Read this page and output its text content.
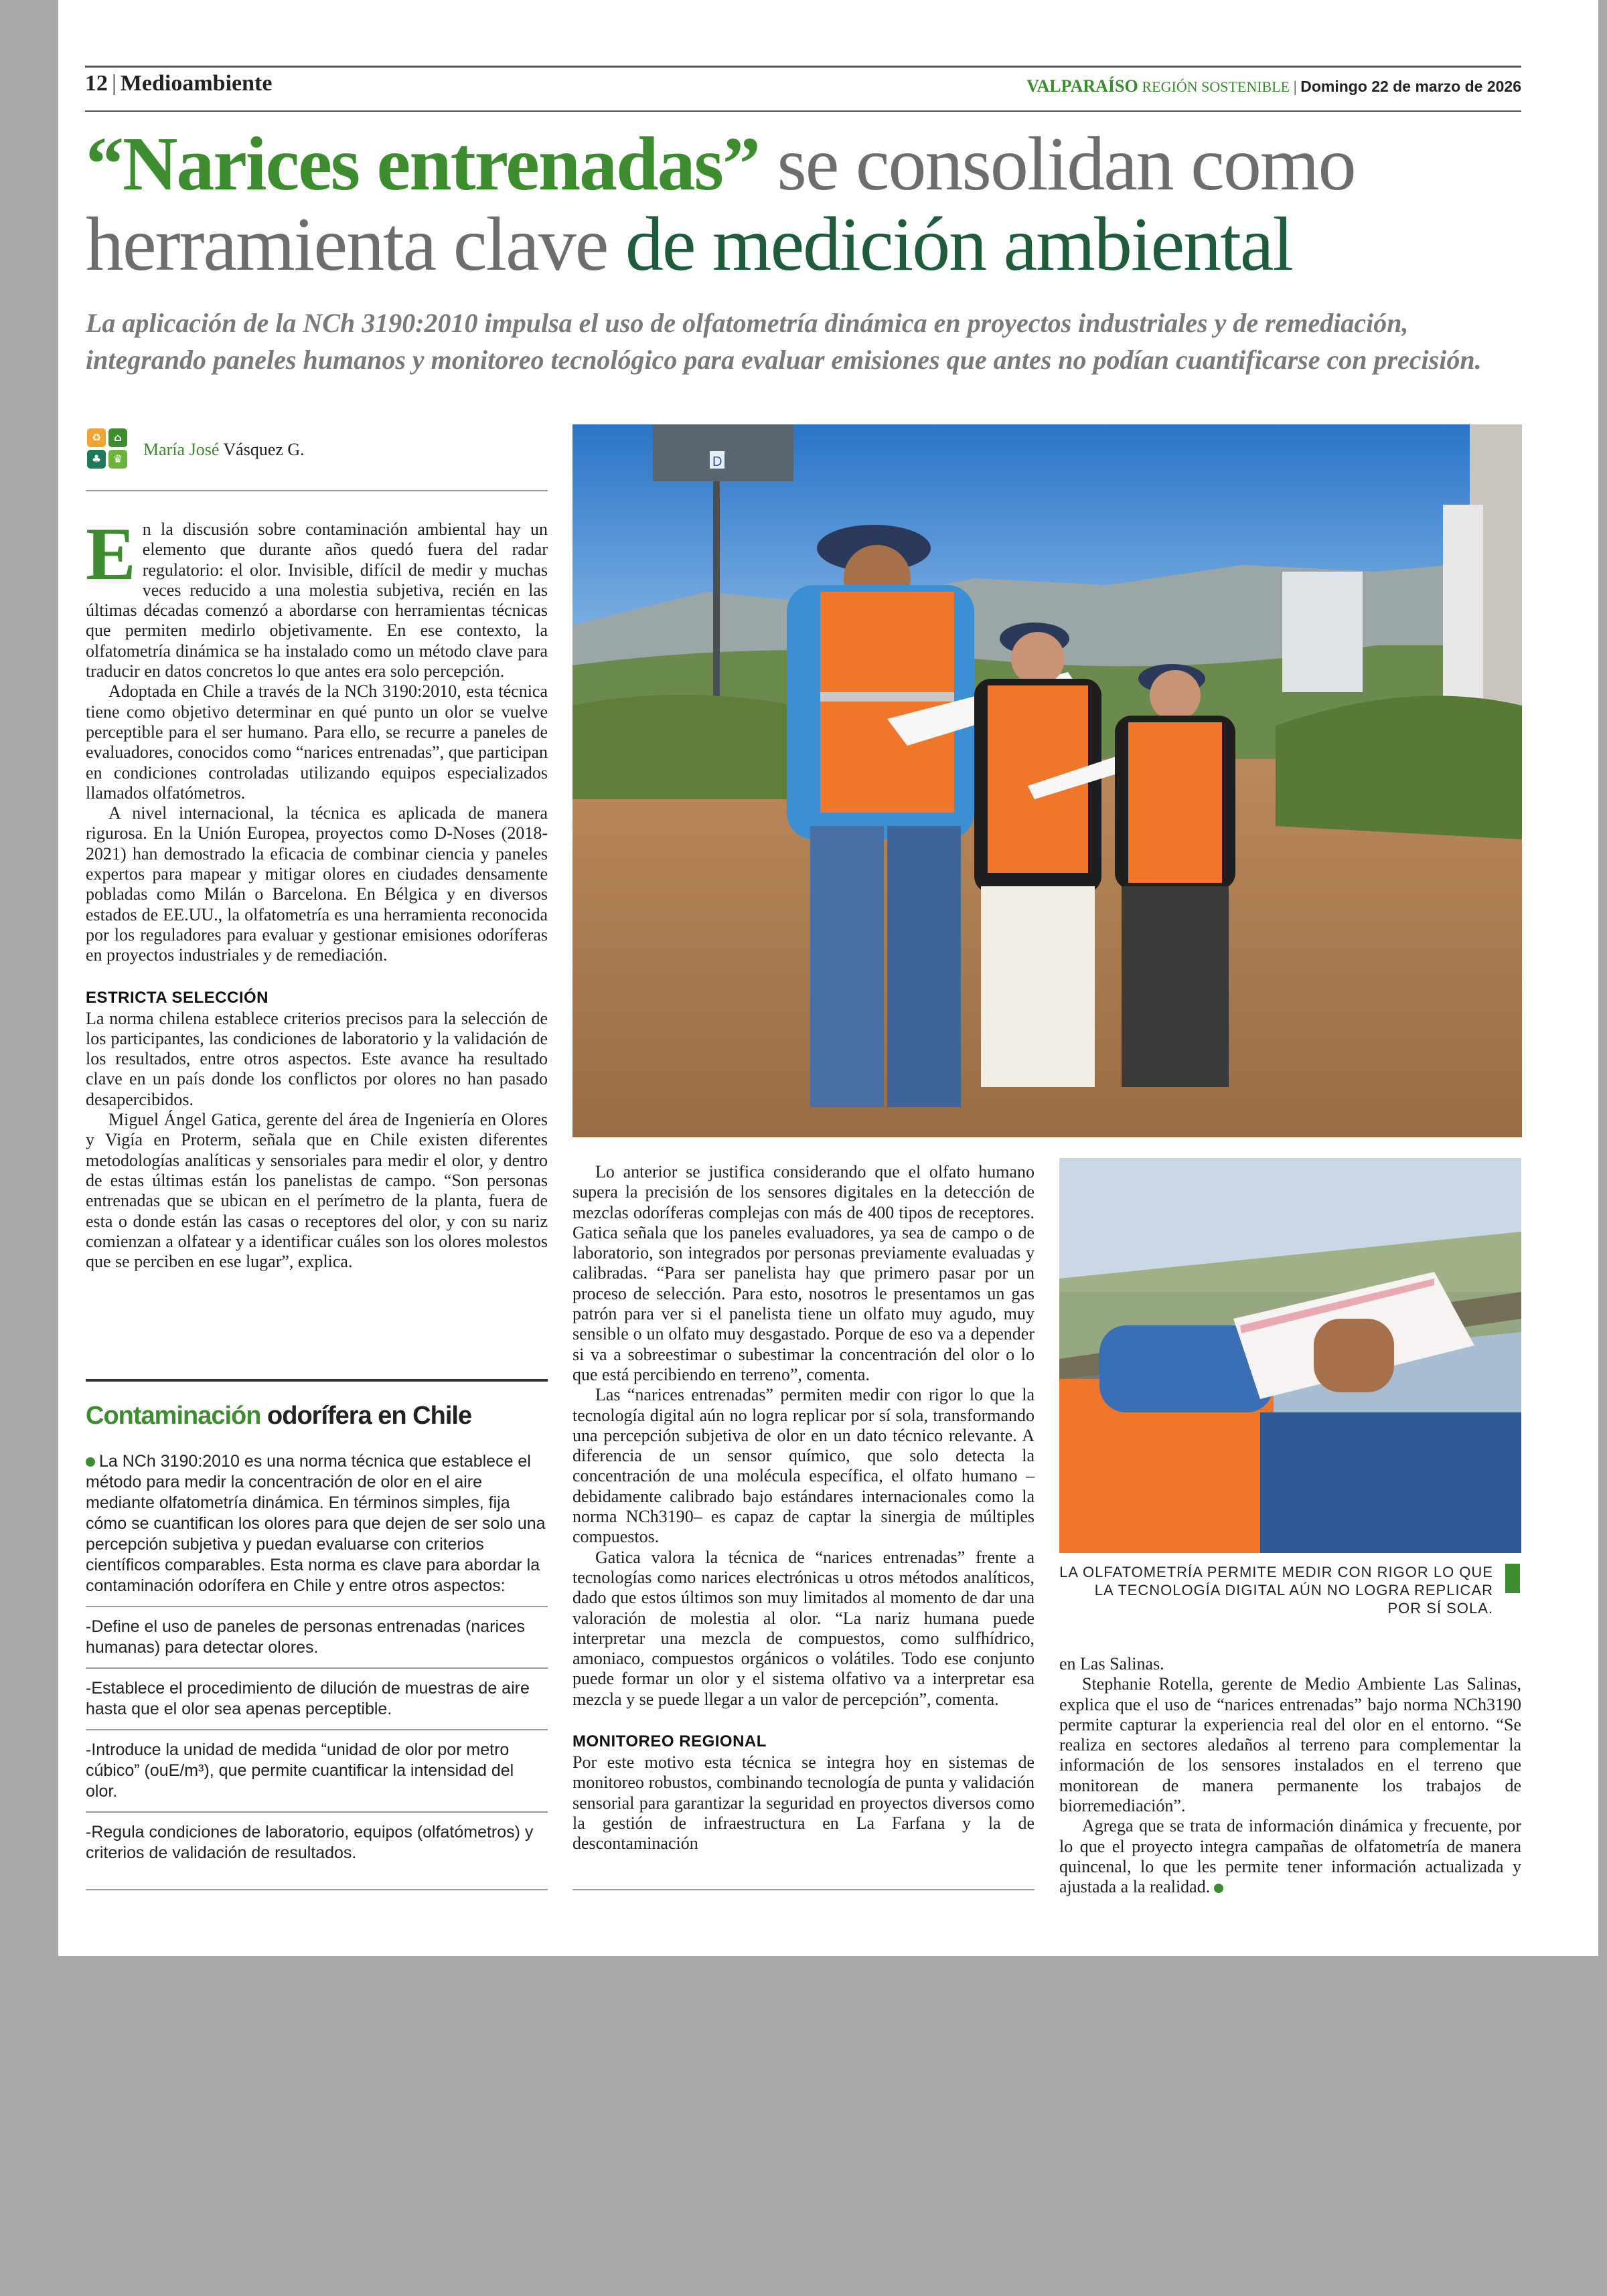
12 | Medioambiente	VALPARAÍSO REGIÓN SOSTENIBLE | Domingo 22 de marzo de 2026
“Narices entrenadas” se consolidan como
herramienta clave de medición ambiental
La aplicación de la NCh 3190:2010 impulsa el uso de olfatometría dinámica en proyectos industriales y de remediación, integrando paneles humanos y monitoreo tecnológico para evaluar emisiones que antes no podían cuantificarse con precisión.
♻	⌂
♣	♛ María José Vásquez G.

En la discusión sobre contaminación ambiental hay un elemento que durante años quedó fuera del radar regulatorio: el olor. Invisible, difícil de medir y muchas veces reducido a una molestia subjetiva, recién en las últimas décadas comenzó a abordarse con herramientas técnicas que permiten medirlo objetivamente. En ese contexto, la olfatometría dinámica se ha instalado como un método clave para traducir en datos concretos lo que antes era solo percepción.

Adoptada en Chile a través de la NCh 3190:2010, esta técnica tiene como objetivo determinar en qué punto un olor se vuelve perceptible para el ser humano. Para ello, se recurre a paneles de evaluadores, conocidos como “narices entrenadas”, que participan en condiciones controladas utilizando equipos especializados llamados olfatómetros.

A nivel internacional, la técnica es aplicada de manera rigurosa. En la Unión Europea, proyectos como D-Noses (2018-2021) han demostrado la eficacia de combinar ciencia y paneles expertos para mapear y mitigar olores en ciudades densamente pobladas como Milán o Barcelona. En Bélgica y en diversos estados de EE.UU., la olfatometría es una herramienta reconocida por los reguladores para evaluar y gestionar emisiones odoríferas en proyectos industriales y de remediación.

ESTRICTA SELECCIÓN

La norma chilena establece criterios precisos para la selección de los participantes, las condiciones de laboratorio y la validación de los resultados, entre otros aspectos. Este avance ha resultado clave en un país donde los conflictos por olores no han pasado desapercibidos.

Miguel Ángel Gatica, gerente del área de Ingeniería en Olores y Vigía en Proterm, señala que en Chile existen diferentes metodologías analíticas y sensoriales para medir el olor, y dentro de estas últimas están los panelistas de campo. “Son personas entrenadas que se ubican en el perímetro de la planta, fuera de esta o donde están las casas o receptores del olor, y con su nariz comienzan a olfatear y a identificar cuáles son los olores molestos que se perciben en ese lugar”, explica.

Contaminación odorífera en Chile

La NCh 3190:2010 es una norma técnica que establece el método para medir la concentración de olor en el aire mediante olfatometría dinámica. En términos simples, fija cómo se cuantifican los olores para que dejen de ser solo una percepción subjetiva y puedan evaluarse con criterios científicos comparables. Esta norma es clave para abordar la contaminación odorífera en Chile y entre otros aspectos:

-Define el uso de paneles de personas entrenadas (narices humanas) para detectar olores.

-Establece el procedimiento de dilución de muestras de aire hasta que el olor sea apenas perceptible.

-Introduce la unidad de medida “unidad de olor por metro cúbico” (ouE/m³), que permite cuantificar la intensidad del olor.

-Regula condiciones de laboratorio, equipos (olfatómetros) y criterios de validación de resultados.

D
LA OLFATOMETRÍA PERMITE MEDIR CON RIGOR LO QUE LA TECNOLOGÍA DIGITAL AÚN NO LOGRA REPLICAR POR SÍ SOLA.

Lo anterior se justifica considerando que el olfato humano supera la precisión de los sensores digitales en la detección de mezclas odoríferas complejas con más de 400 tipos de receptores. Gatica señala que los paneles evaluadores, ya sea de campo o de laboratorio, son integrados por personas previamente evaluadas y calibradas. “Para ser panelista hay que primero pasar por un proceso de selección. Para esto, nosotros le presentamos un gas patrón para ver si el panelista tiene un olfato muy agudo, muy sensible o un olfato muy desgastado. Porque de eso va a depender si va a sobreestimar o subestimar la concentración del olor o lo que está percibiendo en terreno”, comenta.

Las “narices entrenadas” permiten medir con rigor lo que la tecnología digital aún no logra replicar por sí sola, transformando una percepción subjetiva de olor en un dato técnico relevante. A diferencia de un sensor químico, que solo detecta la concentración de una molécula específica, el olfato humano –debidamente calibrado bajo estándares internacionales como la norma NCh3190– es capaz de captar la sinergia de múltiples compuestos.

Gatica valora la técnica de “narices entrenadas” frente a tecnologías como narices electrónicas u otros métodos analíticos, dado que estos últimos son muy limitados al momento de dar una valoración de molestia al olor. “La nariz humana puede interpretar una mezcla de compuestos, como sulfhídrico, amoniaco, compuestos orgánicos o volátiles. Todo ese conjunto puede formar un olor y el sistema olfativo va a interpretar esa mezcla y se puede llegar a un valor de percepción”, comenta.

MONITOREO REGIONAL

Por este motivo esta técnica se integra hoy en sistemas de monitoreo robustos, combinando tecnología de punta y validación sensorial para garantizar la seguridad en proyectos diversos como la gestión de infraestructura en La Farfana y la de descontaminación

en Las Salinas.

Stephanie Rotella, gerente de Medio Ambiente Las Salinas, explica que el uso de “narices entrenadas” bajo norma NCh3190 permite capturar la experiencia real del olor en el entorno. “Se realiza en sectores aledaños al terreno para complementar la información de los sensores instalados en el terreno que monitorean de manera permanente los trabajos de biorremediación”.

Agrega que se trata de información dinámica y frecuente, por lo que el proyecto integra campañas de olfatometría de manera quincenal, lo que les permite tener información actualizada y ajustada a la realidad.
